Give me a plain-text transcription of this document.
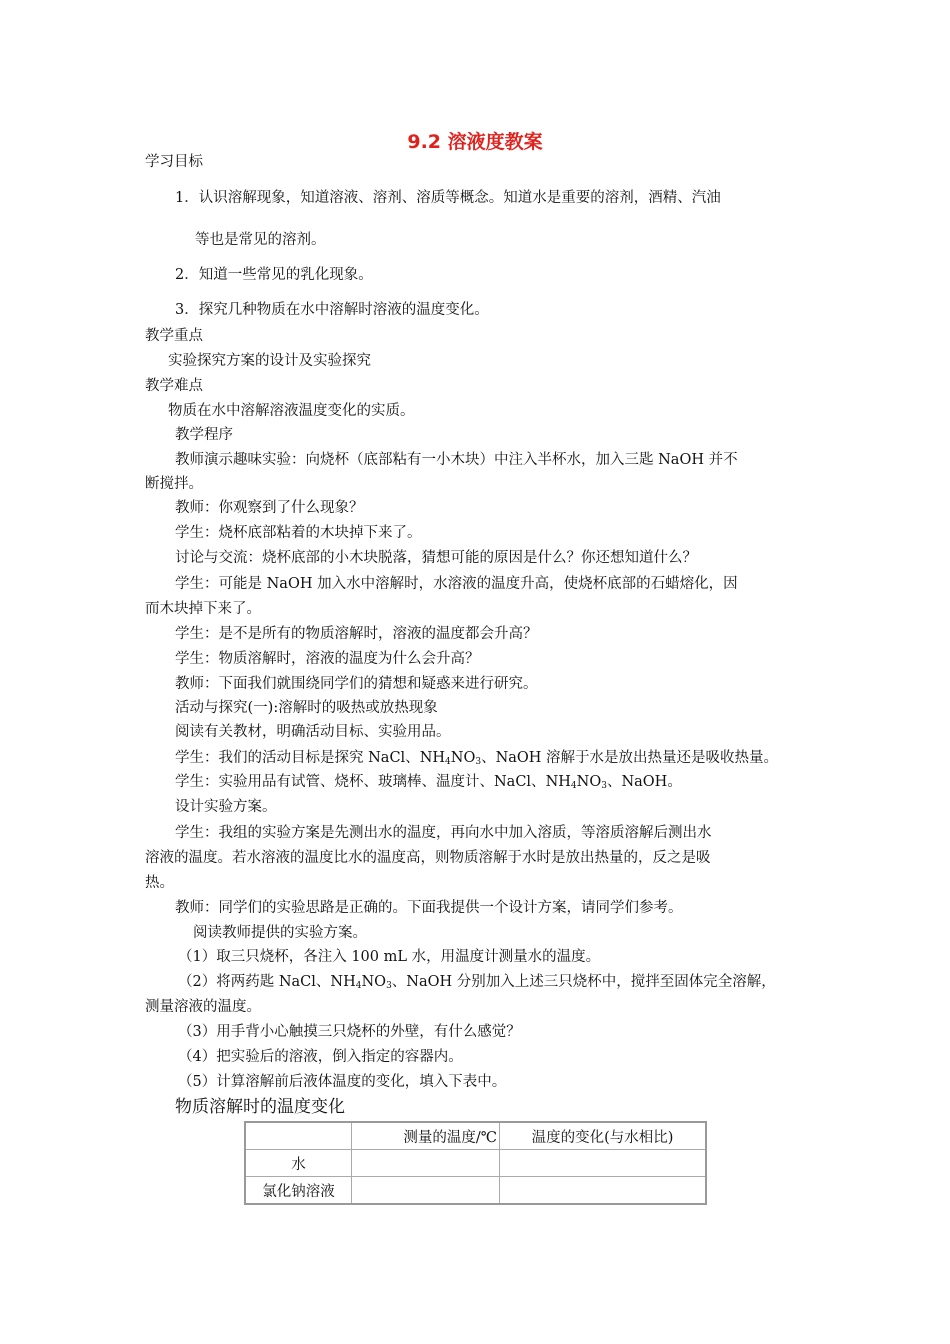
9.2 溶液度教案
学习目标
1．认识溶解现象，知道溶液、溶剂、溶质等概念。知道水是重要的溶剂，酒精、汽油
等也是常见的溶剂。
2．知道一些常见的乳化现象。
3．探究几种物质在水中溶解时溶液的温度变化。
教学重点
实验探究方案的设计及实验探究
教学难点
物质在水中溶解溶液温度变化的实质。
教学程序
教师演示趣味实验：向烧杯（底部粘有一小木块）中注入半杯水，加入三匙 NaOH 并不
断搅拌。
教师：你观察到了什么现象？
学生：烧杯底部粘着的木块掉下来了。
讨论与交流：烧杯底部的小木块脱落，猜想可能的原因是什么？你还想知道什么？
学生：可能是 NaOH 加入水中溶解时，水溶液的温度升高，使烧杯底部的石蜡熔化，因
而木块掉下来了。
学生：是不是所有的物质溶解时，溶液的温度都会升高？
学生：物质溶解时，溶液的温度为什么会升高？
教师：下面我们就围绕同学们的猜想和疑惑来进行研究。
活动与探究(一):溶解时的吸热或放热现象
阅读有关教材，明确活动目标、实验用品。
学生：我们的活动目标是探究 NaCl、$NH_4NO_3$、NaOH 溶解于水是放出热量还是吸收热量。
学生：实验用品有试管、烧杯、玻璃棒、温度计、NaCl、$NH_4NO_3$、NaOH。
设计实验方案。
学生：我组的实验方案是先测出水的温度，再向水中加入溶质，等溶质溶解后测出水
溶液的温度。若水溶液的温度比水的温度高，则物质溶解于水时是放出热量的，反之是吸
热。
教师：同学们的实验思路是正确的。下面我提供一个设计方案，请同学们参考。
阅读教师提供的实验方案。
（1）取三只烧杯，各注入 100 mL 水，用温度计测量水的温度。
（2）将两药匙 NaCl、$NH_4NO_3$、NaOH 分别加入上述三只烧杯中，搅拌至固体完全溶解，
测量溶液的温度。
（3）用手背小心触摸三只烧杯的外壁，有什么感觉？
（4）把实验后的溶液，倒入指定的容器内。
（5）计算溶解前后液体温度的变化，填入下表中。
物质溶解时的温度变化
	测量的温度/℃	温度的变化(与水相比)
水		
氯化钠溶液		
